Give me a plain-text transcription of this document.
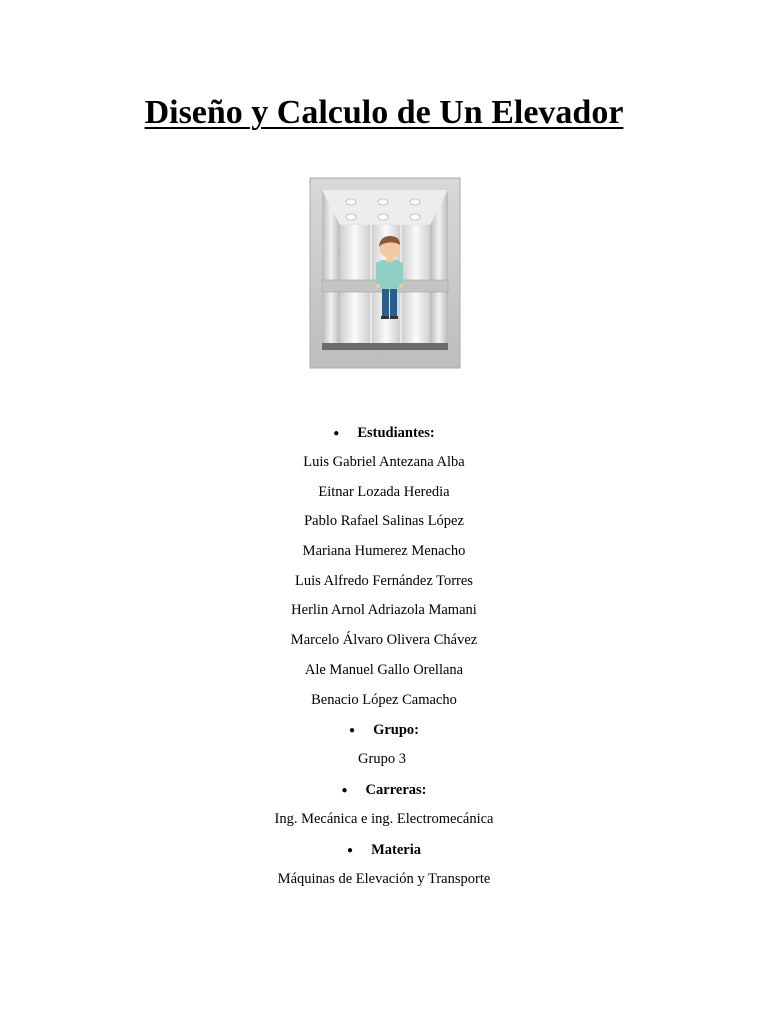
Diseño y Calculo de Un Elevador
● Estudiantes:
Luis Gabriel Antezana Alba
Eitnar Lozada Heredia
Pablo Rafael Salinas López
Mariana Humerez Menacho
Luis Alfredo Fernández Torres
Herlin Arnol Adriazola Mamani
Marcelo Álvaro Olivera Chávez
Ale Manuel Gallo Orellana
Benacio López Camacho
● Grupo:
Grupo 3
● Carreras:
Ing. Mecánica e ing. Electromecánica
● Materia
Máquinas de Elevación y Transporte
